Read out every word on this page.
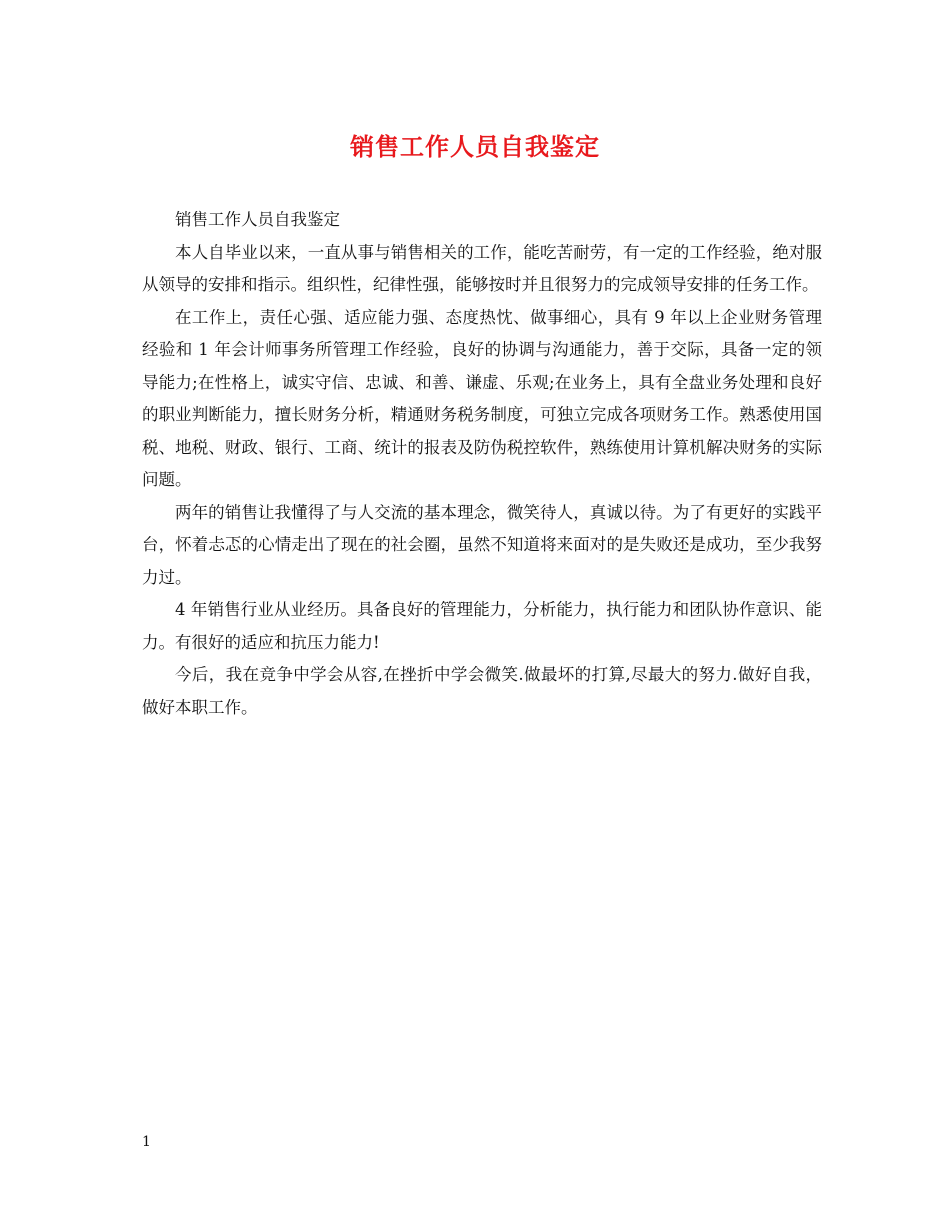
销售工作人员自我鉴定

销售工作人员自我鉴定

本人自毕业以来，一直从事与销售相关的工作，能吃苦耐劳，有一定的工作经验，绝对服从领导的安排和指示。组织性，纪律性强，能够按时并且很努力的完成领导安排的任务工作。

在工作上，责任心强、适应能力强、态度热忱、做事细心，具有 9 年以上企业财务管理经验和 1 年会计师事务所管理工作经验，良好的协调与沟通能力，善于交际，具备一定的领导能力;在性格上，诚实守信、忠诚、和善、谦虚、乐观;在业务上，具有全盘业务处理和良好的职业判断能力，擅长财务分析，精通财务税务制度，可独立完成各项财务工作。熟悉使用国税、地税、财政、银行、工商、统计的报表及防伪税控软件，熟练使用计算机解决财务的实际问题。

两年的销售让我懂得了与人交流的基本理念，微笑待人，真诚以待。为了有更好的实践平台，怀着忐忑的心情走出了现在的社会圈，虽然不知道将来面对的是失败还是成功，至少我努力过。

4 年销售行业从业经历。具备良好的管理能力，分析能力，执行能力和团队协作意识、能力。有很好的适应和抗压力能力!

今后，我在竞争中学会从容,在挫折中学会微笑.做最坏的打算,尽最大的努力.做好自我，做好本职工作。

1
